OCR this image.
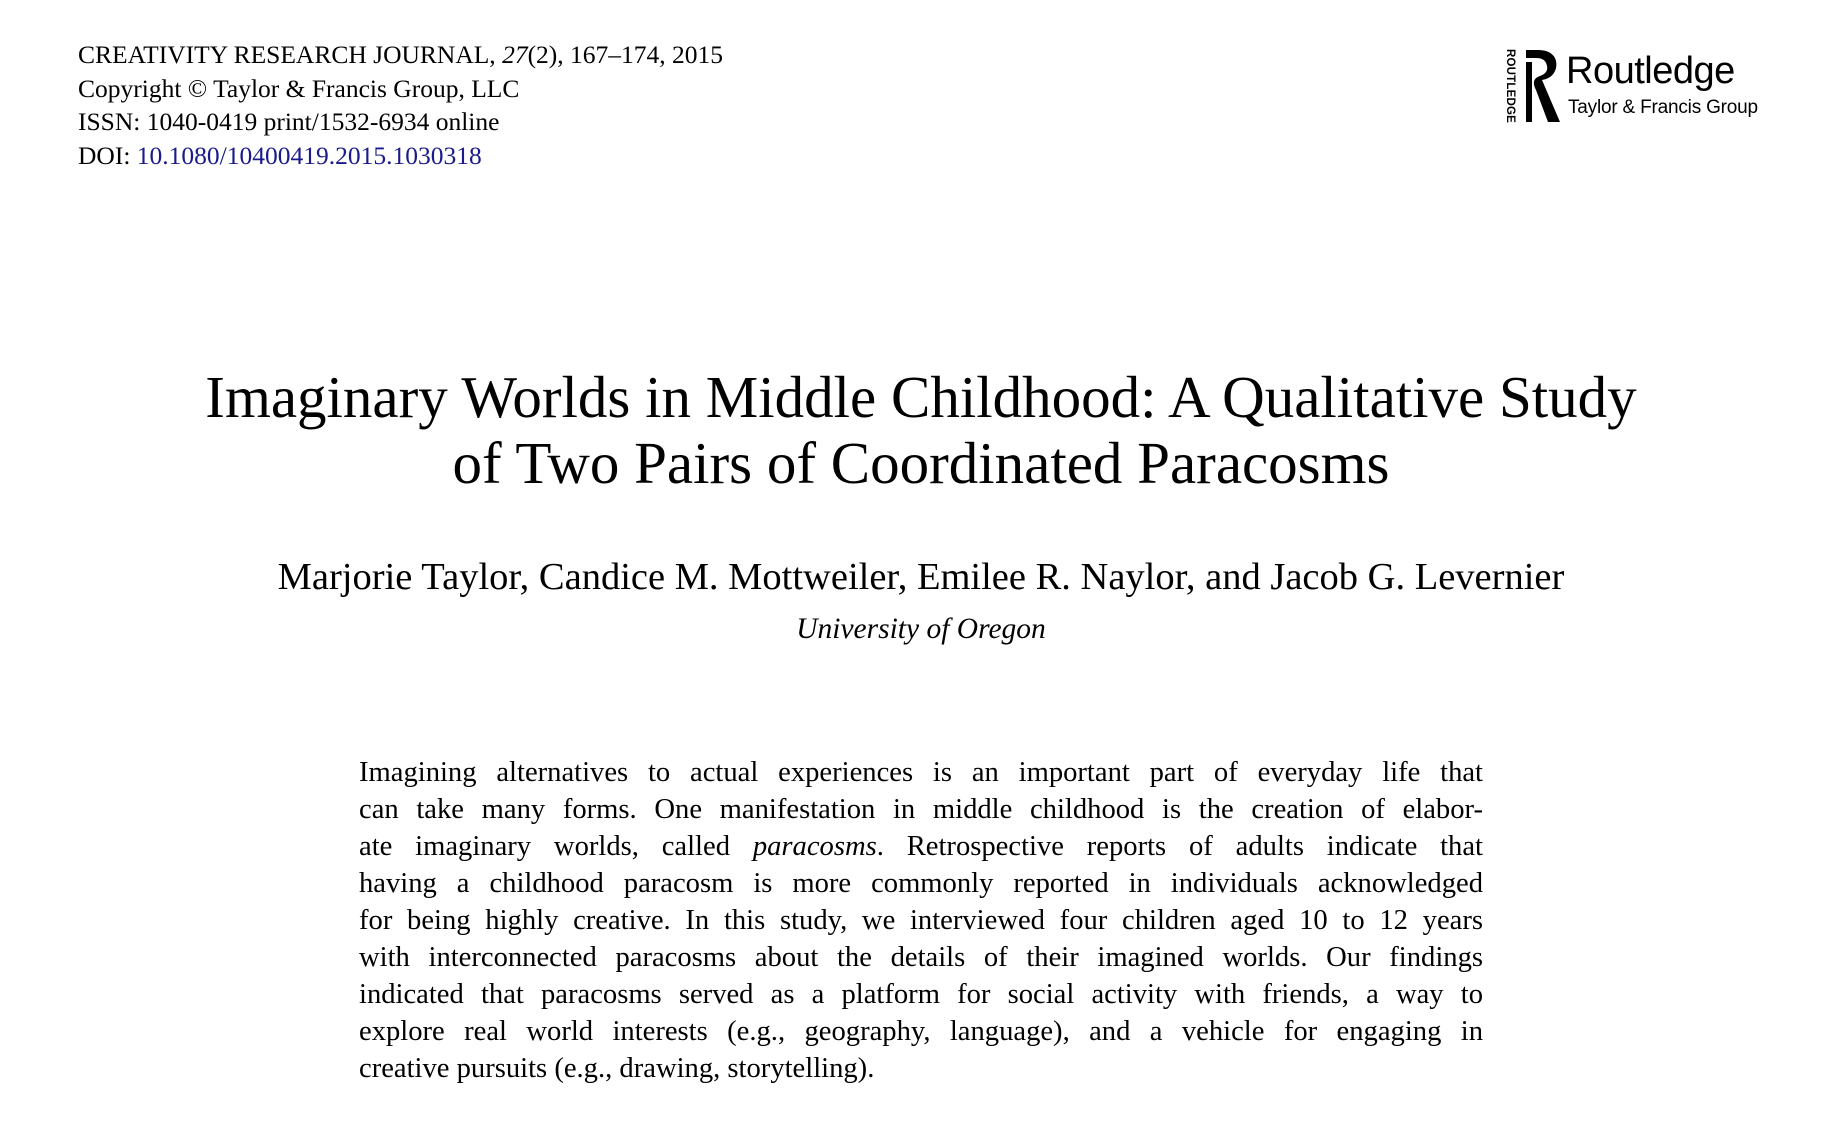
CREATIVITY RESEARCH JOURNAL, 27(2), 167–174, 2015
Copyright © Taylor & Francis Group, LLC
ISSN: 1040-0419 print/1532-6934 online
DOI: 10.1080/10400419.2015.1030318
ROUTLEDGE Routledge
Taylor & Francis Group
Imaginary Worlds in Middle Childhood: A Qualitative Study
of Two Pairs of Coordinated Paracosms
Marjorie Taylor, Candice M. Mottweiler, Emilee R. Naylor, and Jacob G. Levernier
University of Oregon
Imagining alternatives to actual experiences is an important part of everyday life that
can take many forms. One manifestation in middle childhood is the creation of elabor-
ate imaginary worlds, called paracosms. Retrospective reports of adults indicate that
having a childhood paracosm is more commonly reported in individuals acknowledged
for being highly creative. In this study, we interviewed four children aged 10 to 12 years
with interconnected paracosms about the details of their imagined worlds. Our findings
indicated that paracosms served as a platform for social activity with friends, a way to
explore real world interests (e.g., geography, language), and a vehicle for engaging in
creative pursuits (e.g., drawing, storytelling).
